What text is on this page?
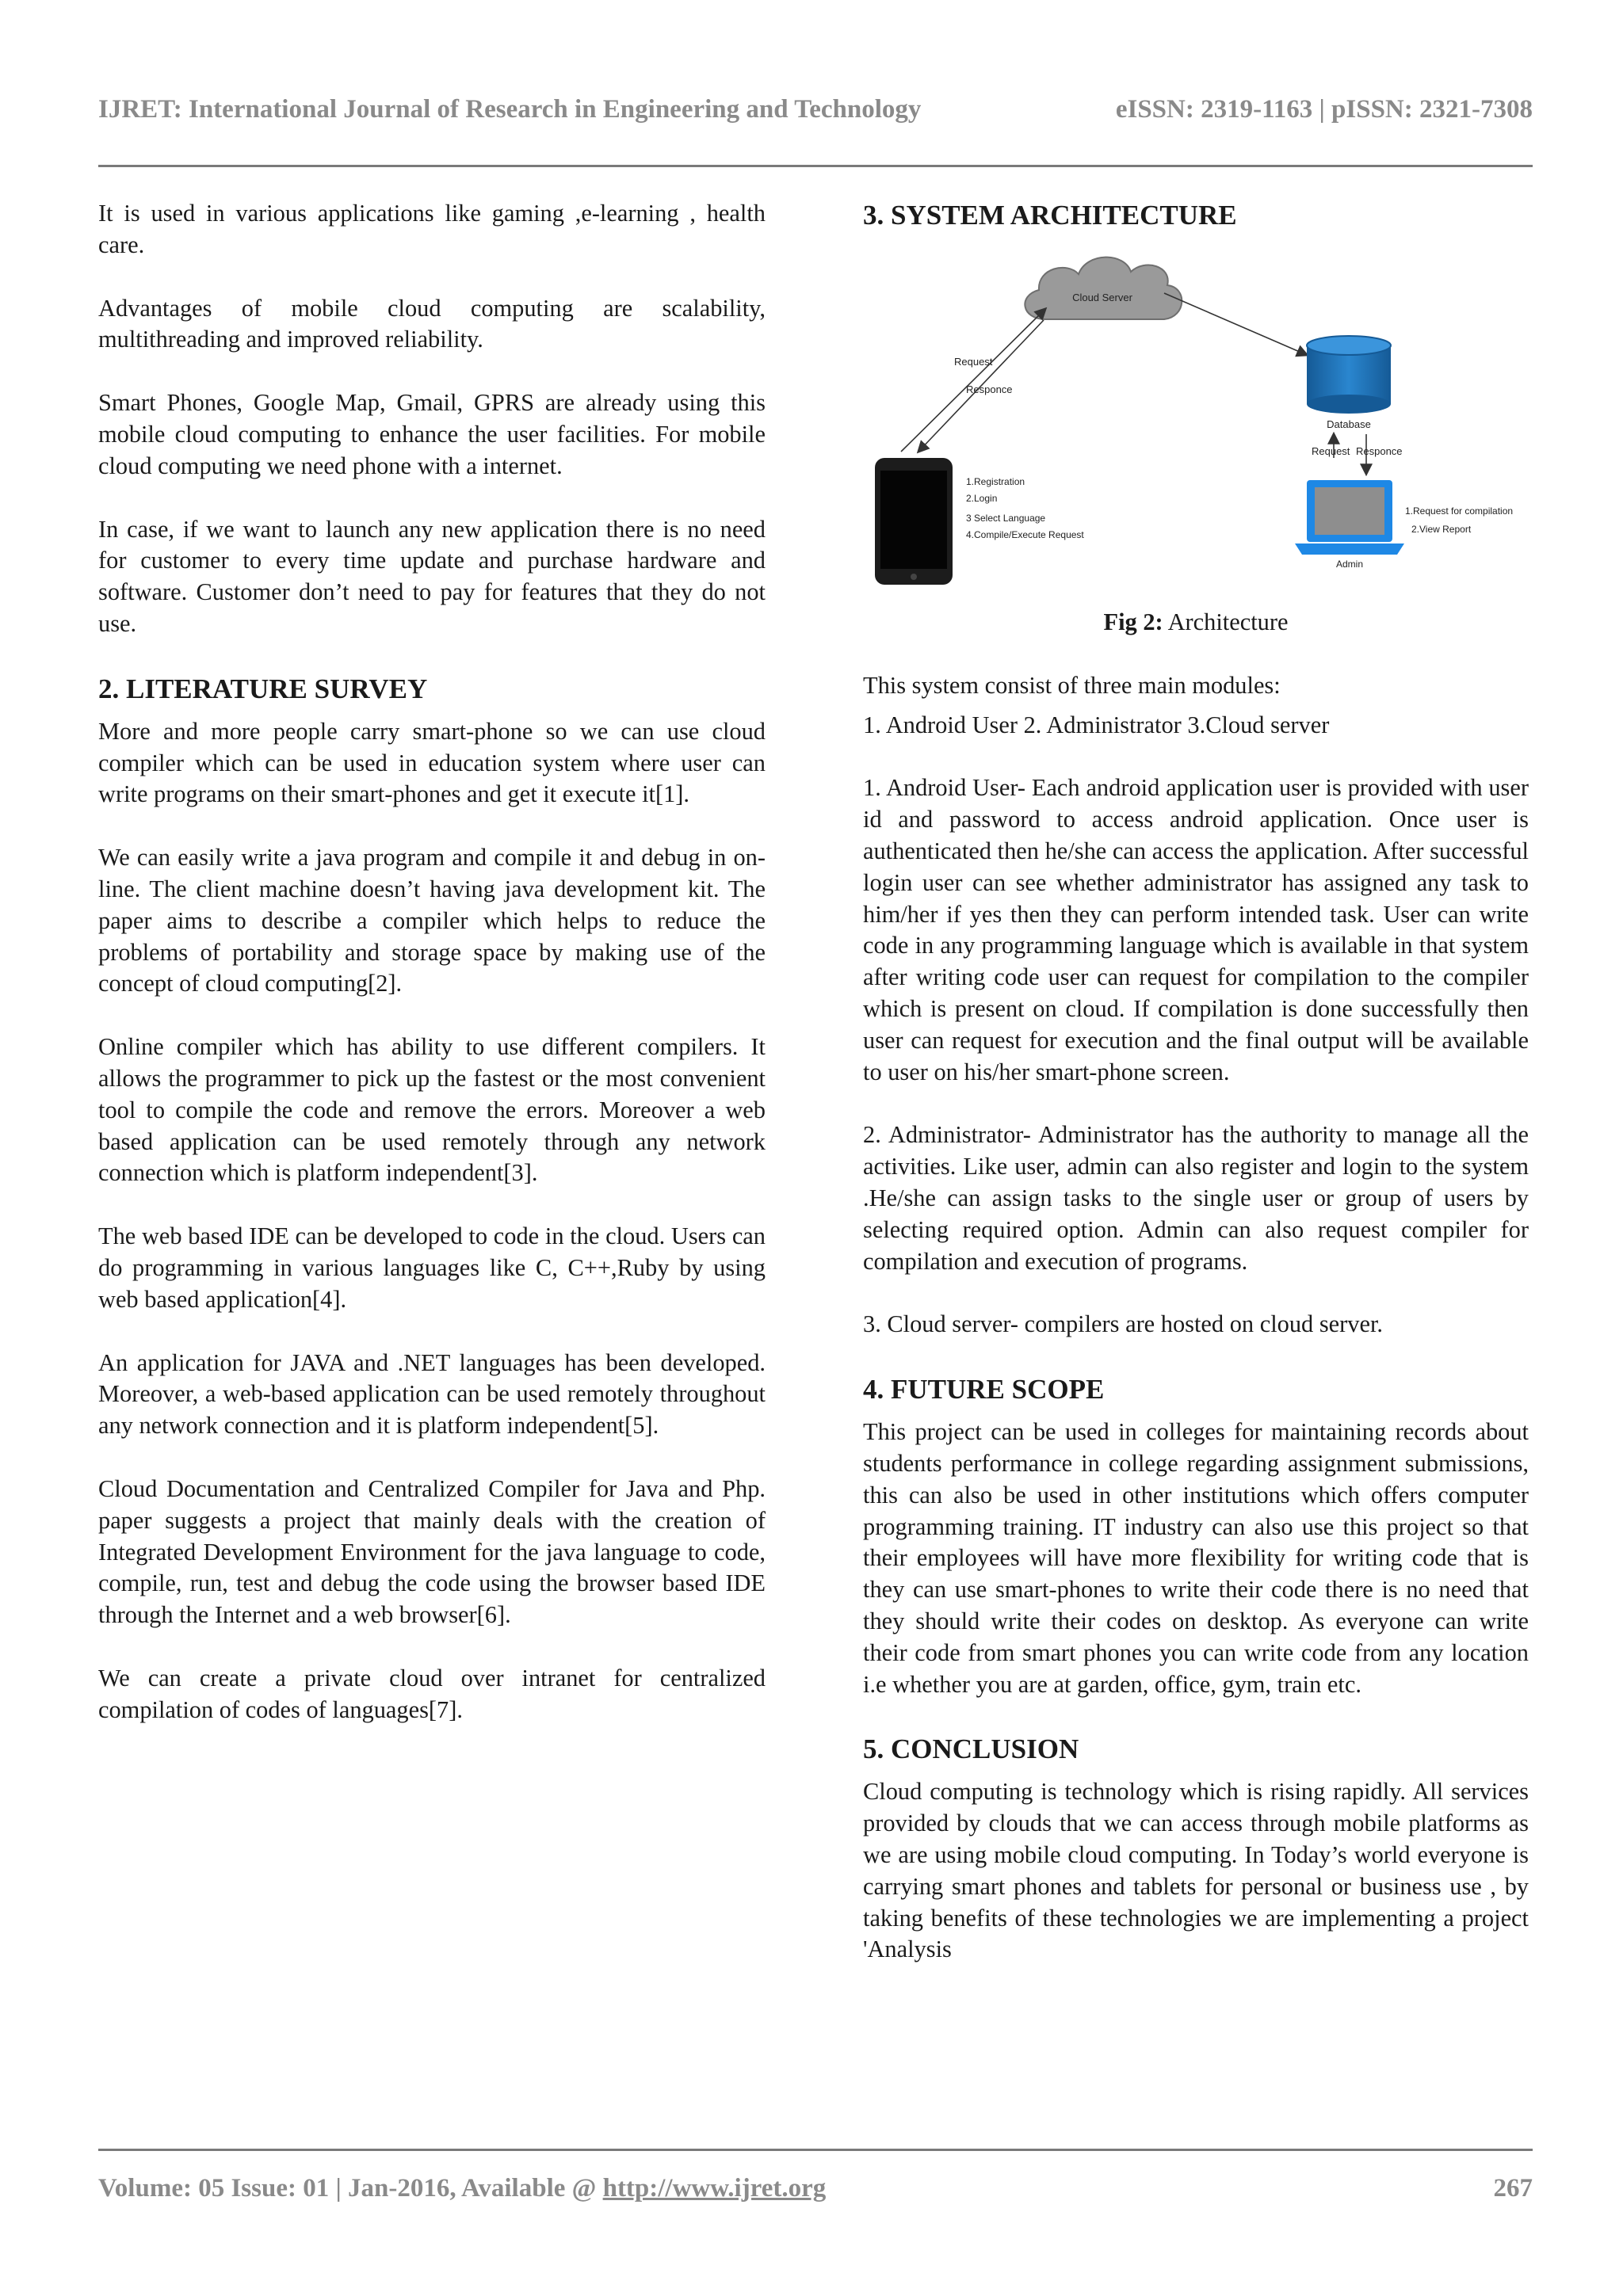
IJRET: International Journal of Research in Engineering and Technology	eISSN: 2319-1163 | pISSN: 2321-7308

It is used in various applications like gaming ,e-learning , health care.

Advantages of mobile cloud computing are scalability, multithreading and improved reliability.

Smart Phones, Google Map, Gmail, GPRS are already using this mobile cloud computing to enhance the user facilities. For mobile cloud computing we need phone with a internet.

In case, if we want to launch any new application there is no need for customer to every time update and purchase hardware and software. Customer don’t need to pay for features that they do not use.

2. LITERATURE SURVEY

More and more people carry smart-phone so we can use cloud compiler which can be used in education system where user can write programs on their smart-phones and get it execute it[1].

We can easily write a java program and compile it and debug in on-line. The client machine doesn’t having java development kit. The paper aims to describe a compiler which helps to reduce the problems of portability and storage space by making use of the concept of cloud computing[2].

Online compiler which has ability to use different compilers. It allows the programmer to pick up the fastest or the most convenient tool to compile the code and remove the errors. Moreover a web based application can be used remotely through any network connection which is platform independent[3].

The web based IDE can be developed to code in the cloud. Users can do programming in various languages like C, C++,Ruby by using web based application[4].

An application for JAVA and .NET languages has been developed. Moreover, a web-based application can be used remotely throughout any network connection and it is platform independent[5].

Cloud Documentation and Centralized Compiler for Java and Php. paper suggests a project that mainly deals with the creation of Integrated Development Environment for the java language to code, compile, run, test and debug the code using the browser based IDE through the Internet and a web browser[6].

We can create a private cloud over intranet for centralized compilation of codes of languages[7].

3. SYSTEM ARCHITECTURE
Cloud Server
Request
Responce
Database
Request Responce
1.Registration
2.Login
3 Select Language
4.Compile/Execute Request
Admin
1.Request for compilation
2.View Report

Fig 2: Architecture

This system consist of three main modules:

1. Android User 2. Administrator 3.Cloud server

1. Android User- Each android application user is provided with user id and password to access android application. Once user is authenticated then he/she can access the application. After successful login user can see whether administrator has assigned any task to him/her if yes then they can perform intended task. User can write code in any programming language which is available in that system after writing code user can request for compilation to the compiler which is present on cloud. If compilation is done successfully then user can request for execution and the final output will be available to user on his/her smart-phone screen.

2. Administrator- Administrator has the authority to manage all the activities. Like user, admin can also register and login to the system .He/she can assign tasks to the single user or group of users by selecting required option. Admin can also request compiler for compilation and execution of programs.

3. Cloud server- compilers are hosted on cloud server.

4. FUTURE SCOPE

This project can be used in colleges for maintaining records about students performance in college regarding assignment submissions, this can also be used in other institutions which offers computer programming training. IT industry can also use this project so that their employees will have more flexibility for writing code that is they can use smart-phones to write their code there is no need that they should write their codes on desktop. As everyone can write their code from smart phones you can write code from any location i.e whether you are at garden, office, gym, train etc.

5. CONCLUSION

Cloud computing is technology which is rising rapidly. All services provided by clouds that we can access through mobile platforms as we are using mobile cloud computing. In Today’s world everyone is carrying smart phones and tablets for personal or business use , by taking benefits of these technologies we are implementing a project 'Analysis

Volume: 05 Issue: 01 | Jan-2016, Available @ http://www.ijret.org	267
